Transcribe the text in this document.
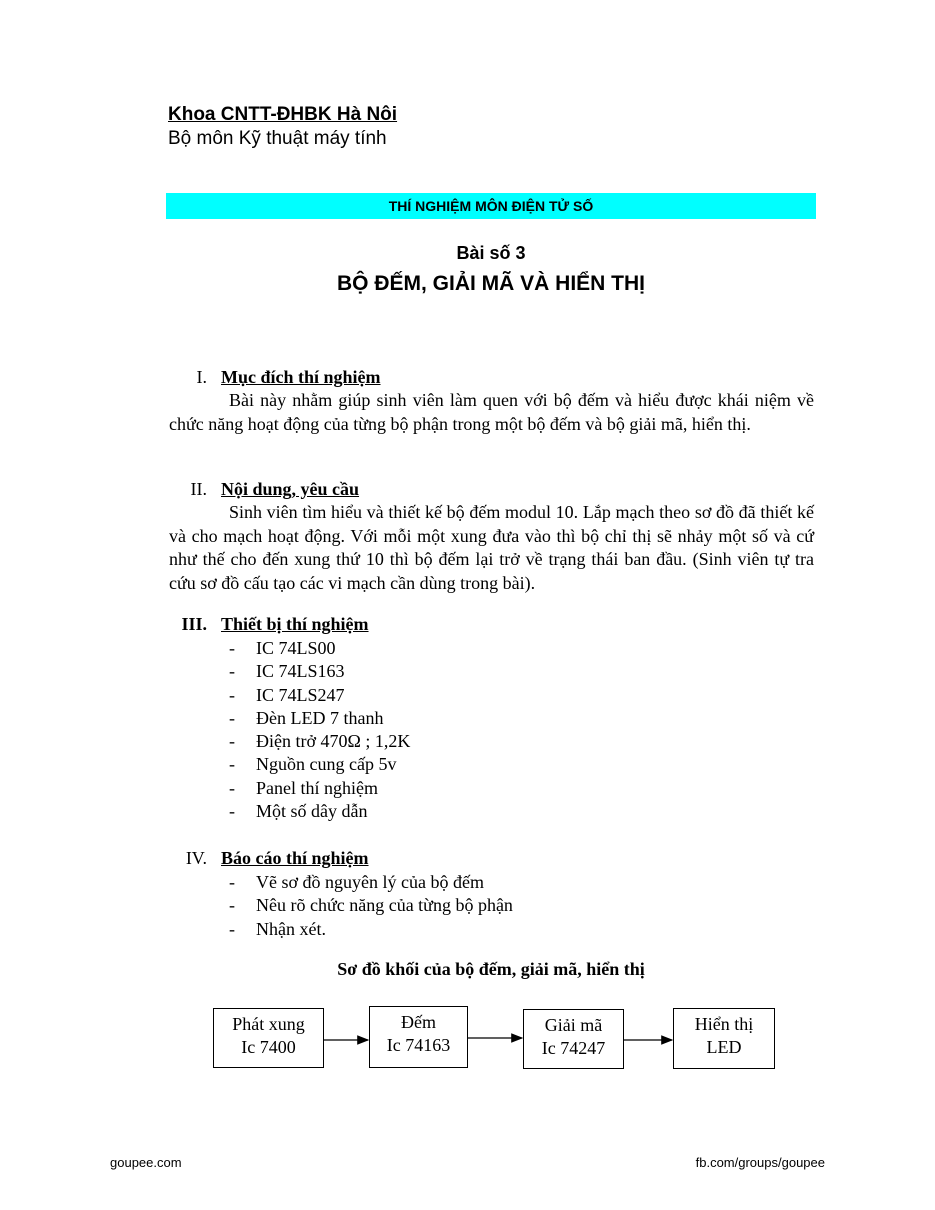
Khoa CNTT-ĐHBK Hà Nôi
Bộ môn Kỹ thuật máy tính
THÍ NGHIỆM MÔN ĐIỆN TỬ SỐ
Bài số 3
BỘ ĐẾM, GIẢI MÃ VÀ HIỂN THỊ
I. Mục đích thí nghiệm
Bài này nhằm giúp sinh viên làm quen với bộ đếm và hiểu được khái niệm về chức năng hoạt động của từng bộ phận trong một bộ đếm và bộ giải mã, hiển thị.
II. Nội dung, yêu cầu
Sinh viên tìm hiểu và thiết kế bộ đếm modul 10. Lắp mạch theo sơ đồ đã thiết kế và cho mạch hoạt động. Với mỗi một xung đưa vào thì bộ chỉ thị sẽ nhảy một số và cứ như thế cho đến xung thứ 10 thì bộ đếm lại trở về trạng thái ban đầu. (Sinh viên tự tra cứu sơ đồ cấu tạo các vi mạch cần dùng trong bài).
III. Thiết bị thí nghiệm
- IC 74LS00
- IC 74LS163
- IC 74LS247
- Đèn LED 7 thanh
- Điện trở 470Ω ; 1,2K
- Nguồn cung cấp 5v
- Panel thí nghiệm
- Một số dây dẫn
IV. Báo cáo thí nghiệm
- Vẽ sơ đồ nguyên lý của bộ đếm
- Nêu rõ chức năng của từng bộ phận
- Nhận xét.
Sơ đồ khối của bộ đếm, giải mã, hiển thị
Phát xung
Ic 7400
Đếm
Ic 74163
Giải mã
Ic 74247
Hiển thị
LED
goupee.com	fb.com/groups/goupee
